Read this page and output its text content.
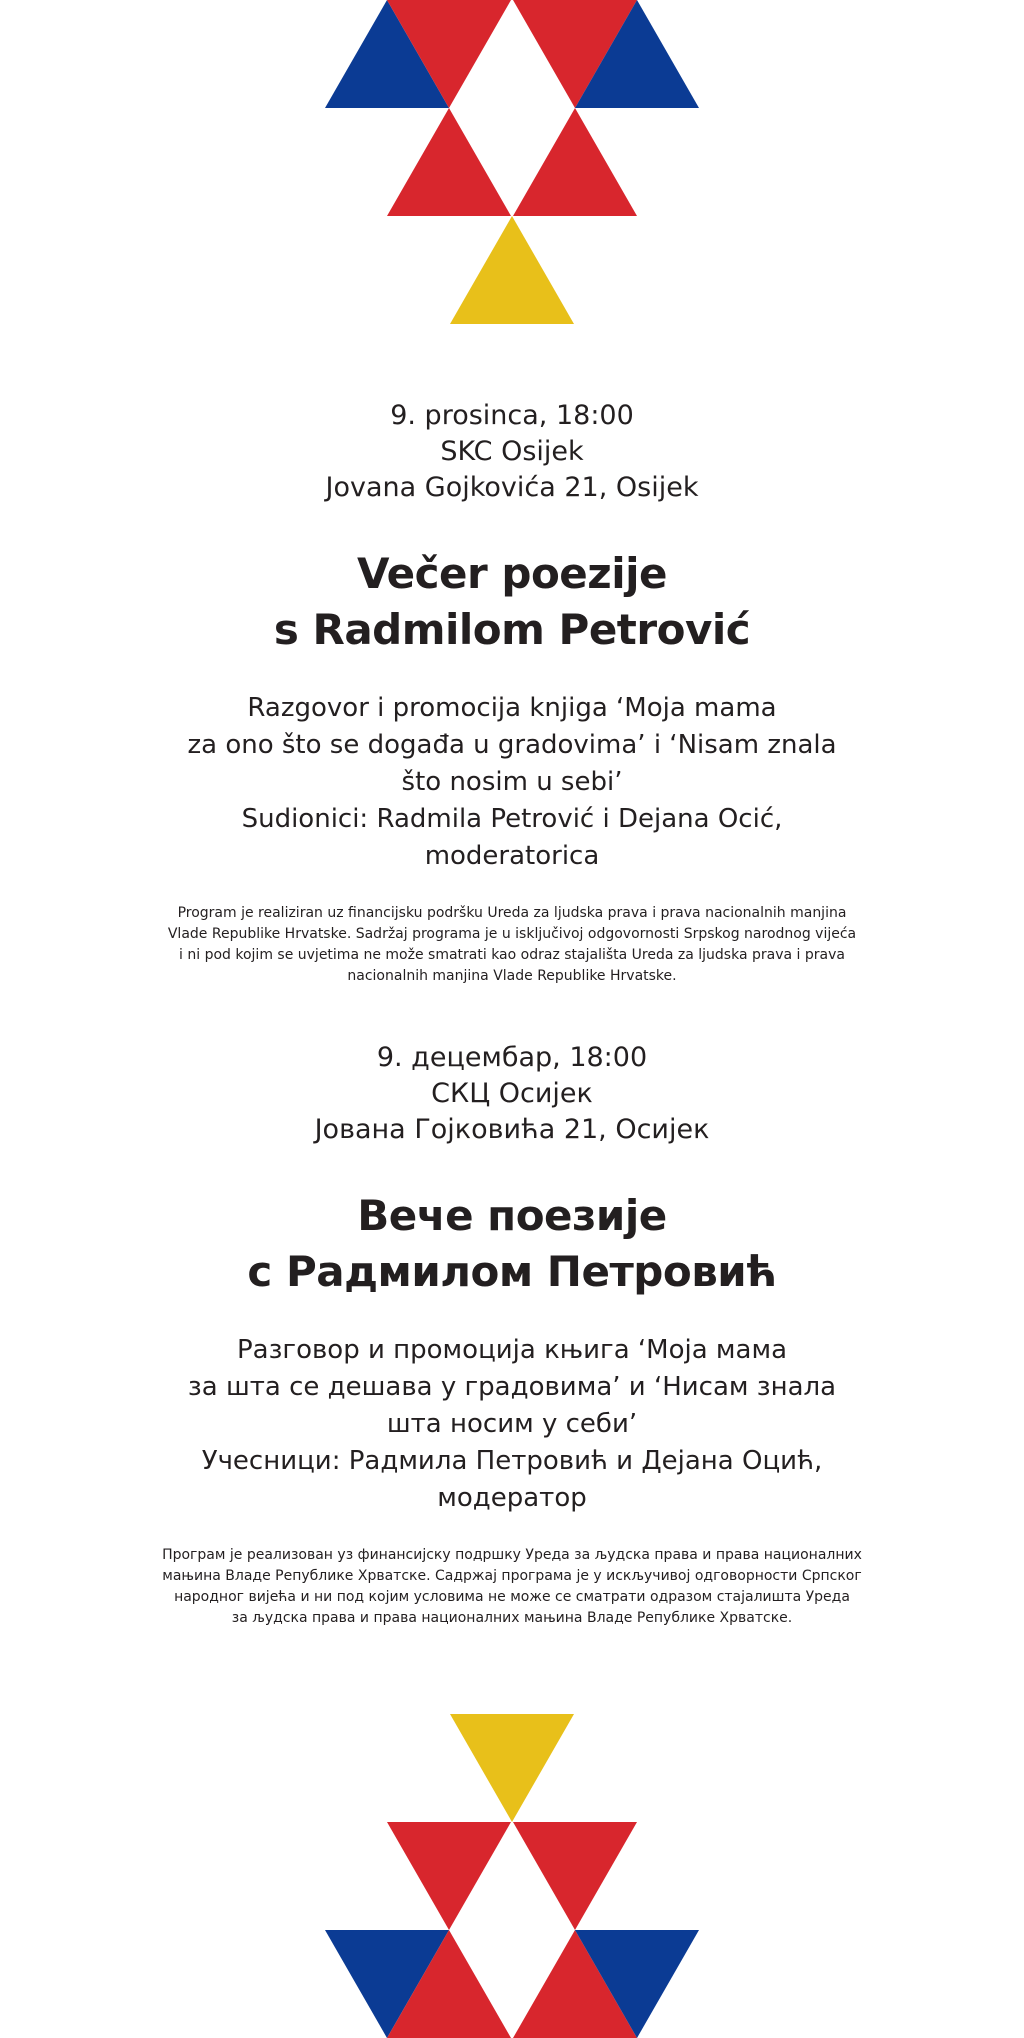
9. prosinca, 18:00

SKC Osijek

Jovana Gojkovića 21, Osijek

Večer poezije

s Radmilom Petrović

Razgovor i promocija knjiga ‘Moja mama

za ono što se događa u gradovima’ i ‘Nisam znala

što nosim u sebi’

Sudionici: Radmila Petrović i Dejana Ocić,

moderatorica

Program je realiziran uz financijsku podršku Ureda za ljudska prava i prava nacionalnih manjina

Vlade Republike Hrvatske. Sadržaj programa je u isključivoj odgovornosti Srpskog narodnog vijeća

i ni pod kojim se uvjetima ne može smatrati kao odraz stajališta Ureda za ljudska prava i prava

nacionalnih manjina Vlade Republike Hrvatske.

9. децембар, 18:00

СКЦ Осијек

Јована Гојковића 21, Осијек

Вече поезије

с Радмилом Петровић

Разговор и промоција књига ‘Моја мама

за шта се дешава у градовима’ и ‘Нисам знала

шта носим у себи’

Учесници: Радмила Петровић и Дејана Оцић,

модератор

Програм је реализован уз финансијску подршку Уреда за људска права и права националних

мањина Владе Републике Хрватске. Садржај програма је у искључивој одговорности Српског

народног вијећа и ни под којим условима не може се сматрати одразом стајалишта Уреда

за људска права и права националних мањина Владе Републике Хрватске.
